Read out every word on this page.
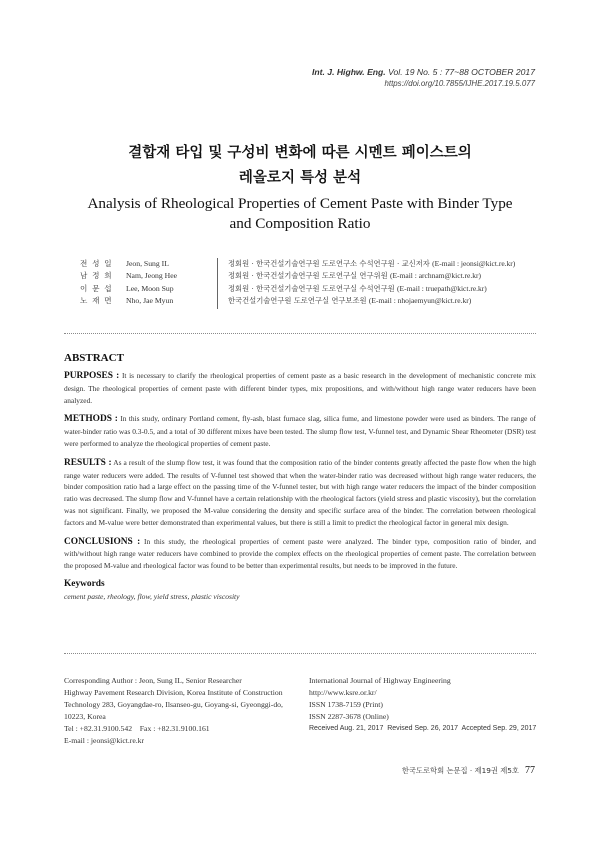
Int. J. Highw. Eng. Vol. 19 No. 5 : 77~88 OCTOBER 2017
https://doi.org/10.7855/IJHE.2017.19.5.077
결합재 타입 및 구성비 변화에 따른 시멘트 페이스트의
레올로지 특성 분석
Analysis of Rheological Properties of Cement Paste with Binder Type
and Composition Ratio
전 성 일	Jeon, Sung IL	정회원 · 한국건설기술연구원 도로연구소 수석연구원 · 교신저자 (E-mail : jeonsi@kict.re.kr)
남 정 희	Nam, Jeong Hee	정회원 · 한국건설기술연구원 도로연구실 연구위원 (E-mail : archnam@kict.re.kr)
이 문 섭	Lee, Moon Sup	정회원 · 한국건설기술연구원 도로연구실 수석연구원 (E-mail : truepath@kict.re.kr)
노 재 면	Nho, Jae Myun	한국건설기술연구원 도로연구실 연구보조원 (E-mail : nhojaemyun@kict.re.kr)
ABSTRACT

PURPOSES : It is necessary to clarify the rheological properties of cement paste as a basic research in the development of mechanistic concrete mix design. The rheological properties of cement paste with different binder types, mix propositions, and with/without high range water reducers have been analyzed.

METHODS : In this study, ordinary Portland cement, fly-ash, blast furnace slag, silica fume, and limestone powder were used as binders. The range of water-binder ratio was 0.3-0.5, and a total of 30 different mixes have been tested. The slump flow test, V-funnel test, and Dynamic Shear Rheometer (DSR) test were performed to analyze the rheological properties of cement paste.

RESULTS : As a result of the slump flow test, it was found that the composition ratio of the binder contents greatly affected the paste flow when the high range water reducers were added. The results of V-funnel test showed that when the water-binder ratio was decreased without high range water reducers, the binder composition ratio had a large effect on the passing time of the V-funnel tester, but with high range water reducers the impact of the binder composition ratio was decreased. The slump flow and V-funnel have a certain relationship with the rheological factors (yield stress and plastic viscosity), but the correlation was not significant. Finally, we proposed the M-value considering the density and specific surface area of the binder. The correlation between rheological factors and M-value were better demonstrated than experimental values, but there is still a limit to predict the rheological factor in general mix design.

CONCLUSIONS : In this study, the rheological properties of cement paste were analyzed. The binder type, composition ratio of binder, and with/without high range water reducers have combined to provide the complex effects on the rheological properties of cement paste. The correlation between the proposed M-value and rheological factor was found to be better than experimental results, but needs to be improved in the future.

Keywords
cement paste, rheology, flow, yield stress, plastic viscosity
Corresponding Author : Jeon, Sung IL, Senior Researcher
Highway Pavement Research Division, Korea Institute of Construction
Technology 283, Goyangdae-ro, Ilsanseo-gu, Goyang-si, Gyeonggi-do,
10223, Korea
Tel : +82.31.9100.542    Fax : +82.31.9100.161
E-mail : jeonsi@kict.re.kr
International Journal of Highway Engineering
http://www.ksre.or.kr/
ISSN 1738-7159 (Print)
ISSN 2287-3678 (Online)
Received Aug. 21, 2017  Revised Sep. 26, 2017  Accepted Sep. 29, 2017
한국도로학회 논문집 · 제19권 제5호 77
